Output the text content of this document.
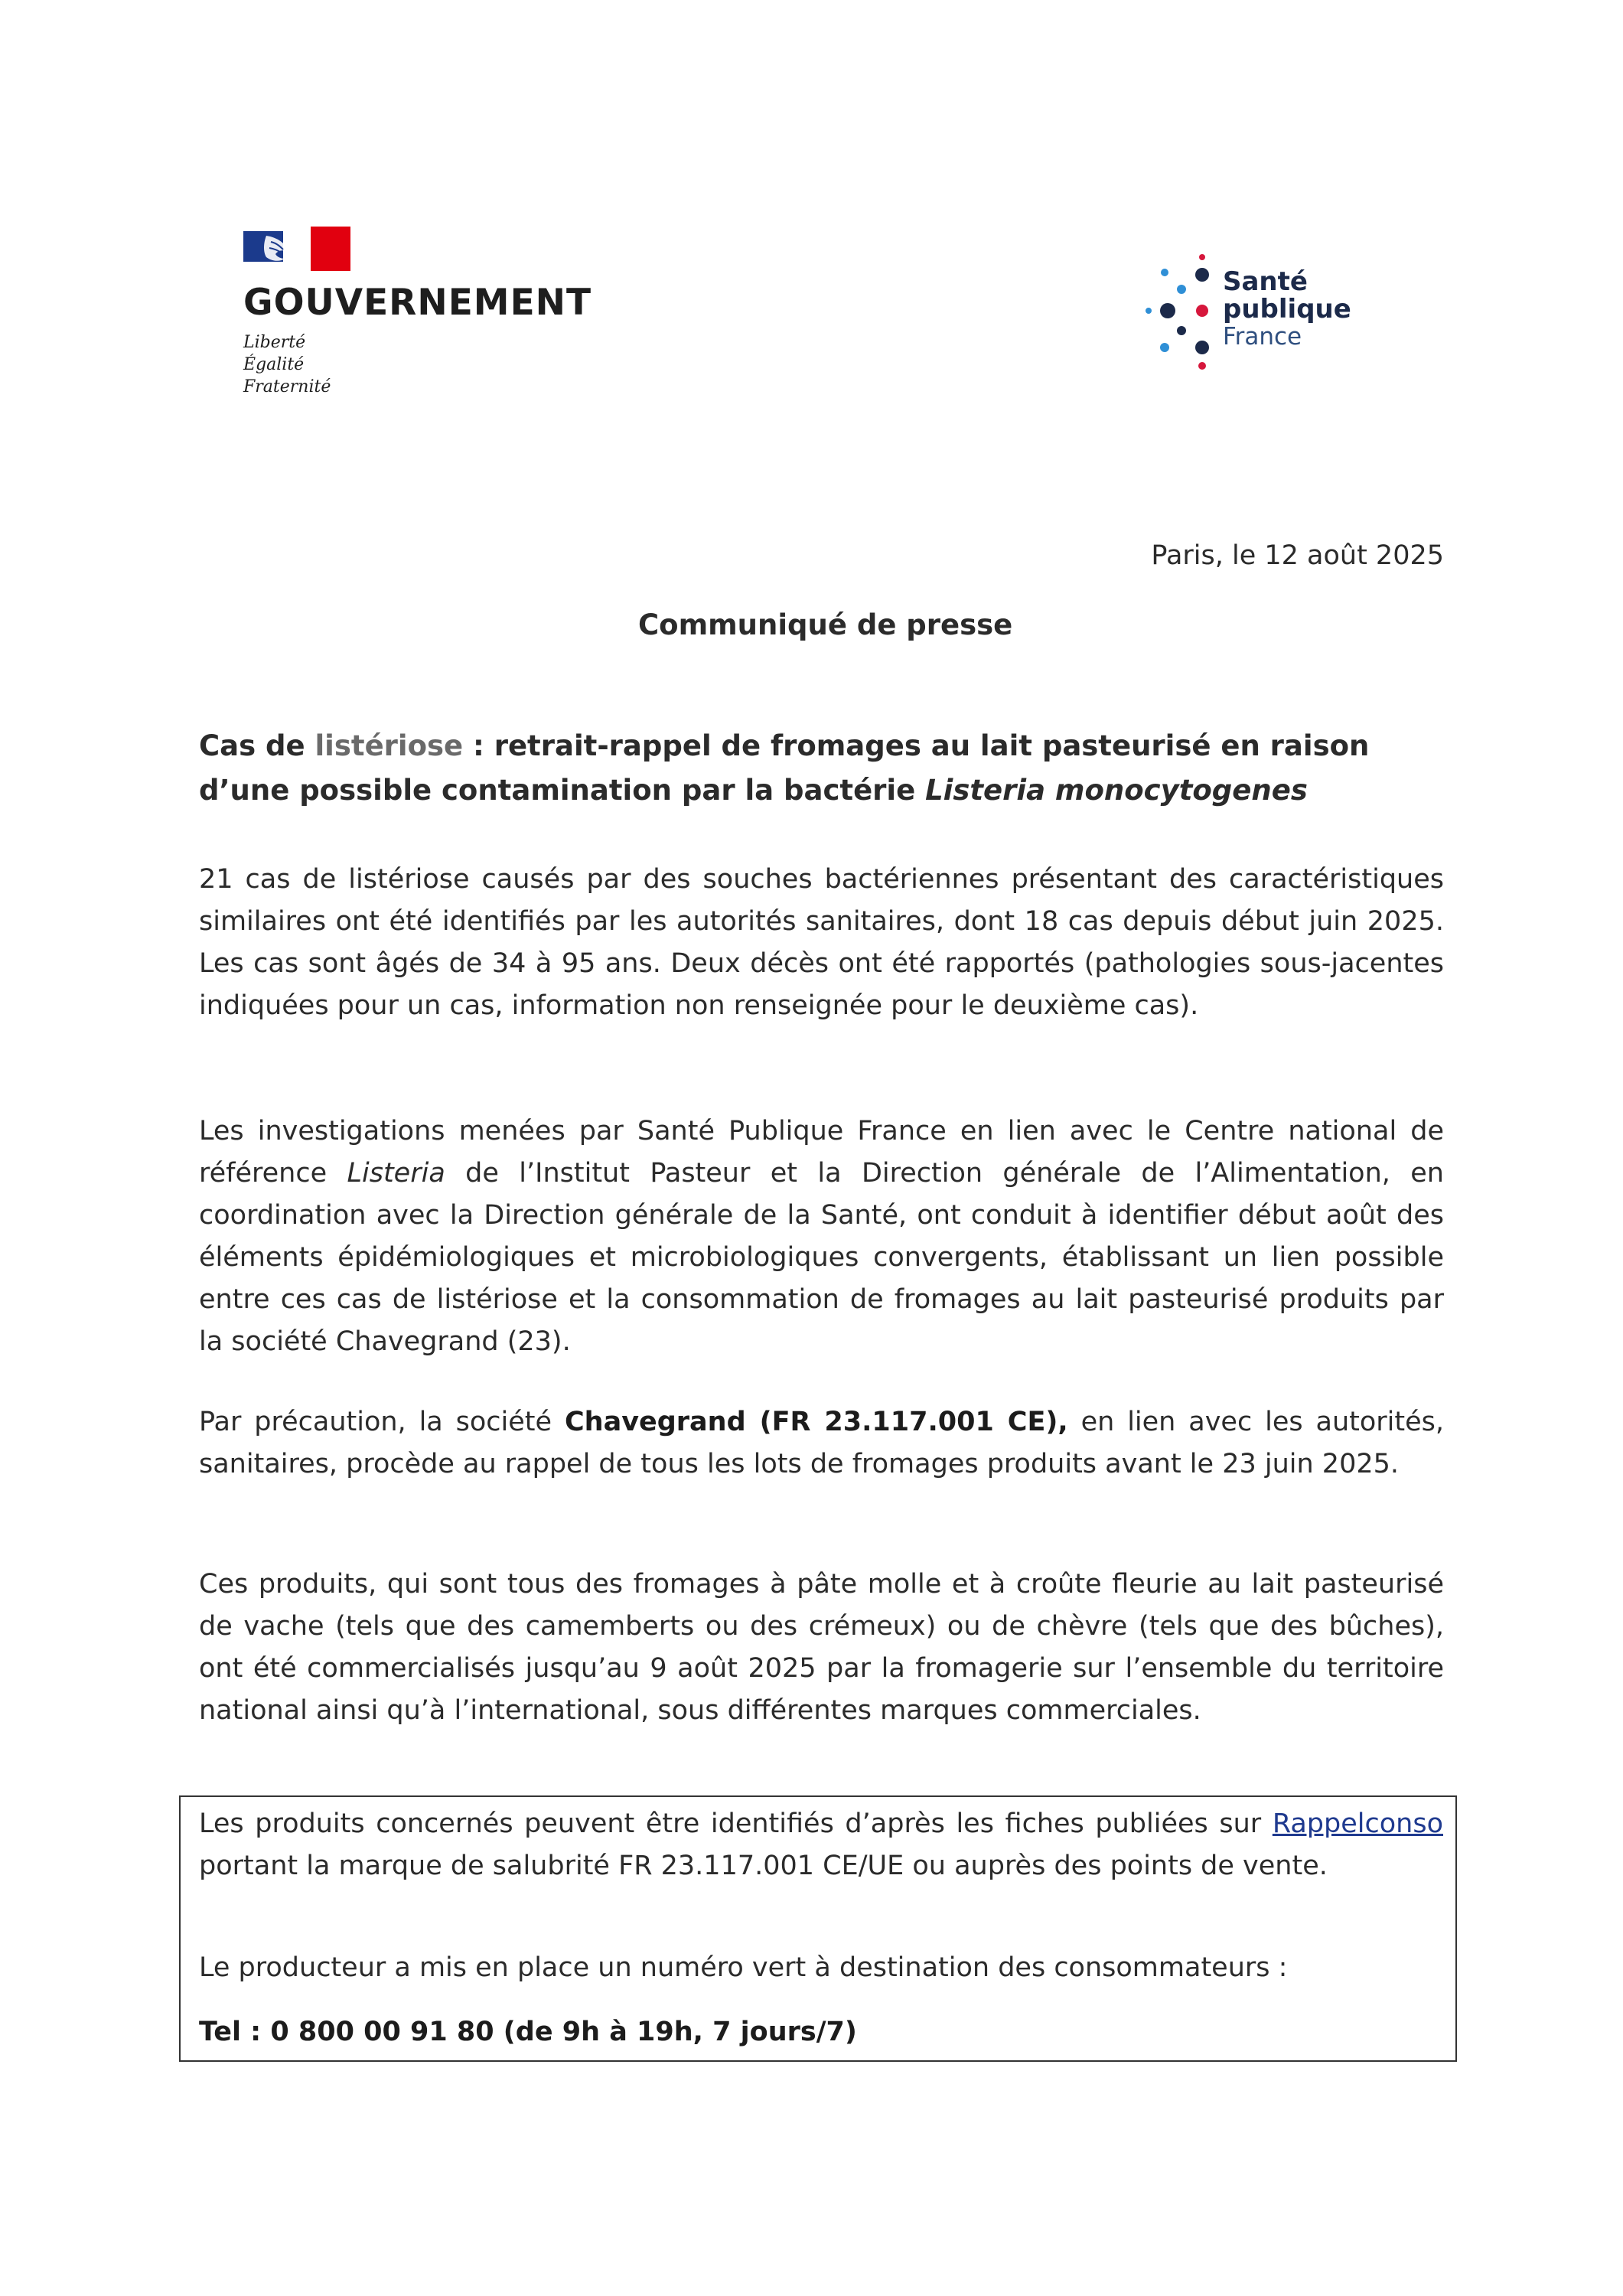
GOUVERNEMENT
Liberté
Égalité
Fraternité
Santé
publique
France
Paris, le 12 août 2025
Communiqué de presse
Cas de listériose : retrait-rappel de fromages au lait pasteurisé en raison d’une possible contamination par la bactérie Listeria monocytogenes

21 cas de listériose causés par des souches bactériennes présentant des caractéristiques similaires ont été identifiés par les autorités sanitaires, dont 18 cas depuis début juin 2025. Les cas sont âgés de 34 à 95 ans. Deux décès ont été rapportés (pathologies sous-jacentes indiquées pour un cas, information non renseignée pour le deuxième cas).

Les investigations menées par Santé Publique France en lien avec le Centre national de référence Listeria de l’Institut Pasteur et la Direction générale de l’Alimentation, en coordination avec la Direction générale de la Santé, ont conduit à identifier début août des éléments épidémiologiques et microbiologiques convergents, établissant un lien possible entre ces cas de listériose et la consommation de fromages au lait pasteurisé produits par la société Chavegrand (23).

Par précaution, la société Chavegrand (FR 23.117.001 CE), en lien avec les autorités, sanitaires, procède au rappel de tous les lots de fromages produits avant le 23 juin 2025.

Ces produits, qui sont tous des fromages à pâte molle et à croûte fleurie au lait pasteurisé de vache (tels que des camemberts ou des crémeux) ou de chèvre (tels que des bûches), ont été commercialisés jusqu’au 9 août 2025 par la fromagerie sur l’ensemble du territoire national ainsi qu’à l’international, sous différentes marques commerciales.

Les produits concernés peuvent être identifiés d’après les fiches publiées sur Rappelconso portant la marque de salubrité FR 23.117.001 CE/UE ou auprès des points de vente.

Le producteur a mis en place un numéro vert à destination des consommateurs :

Tel : 0 800 00 91 80 (de 9h à 19h, 7 jours/7)
